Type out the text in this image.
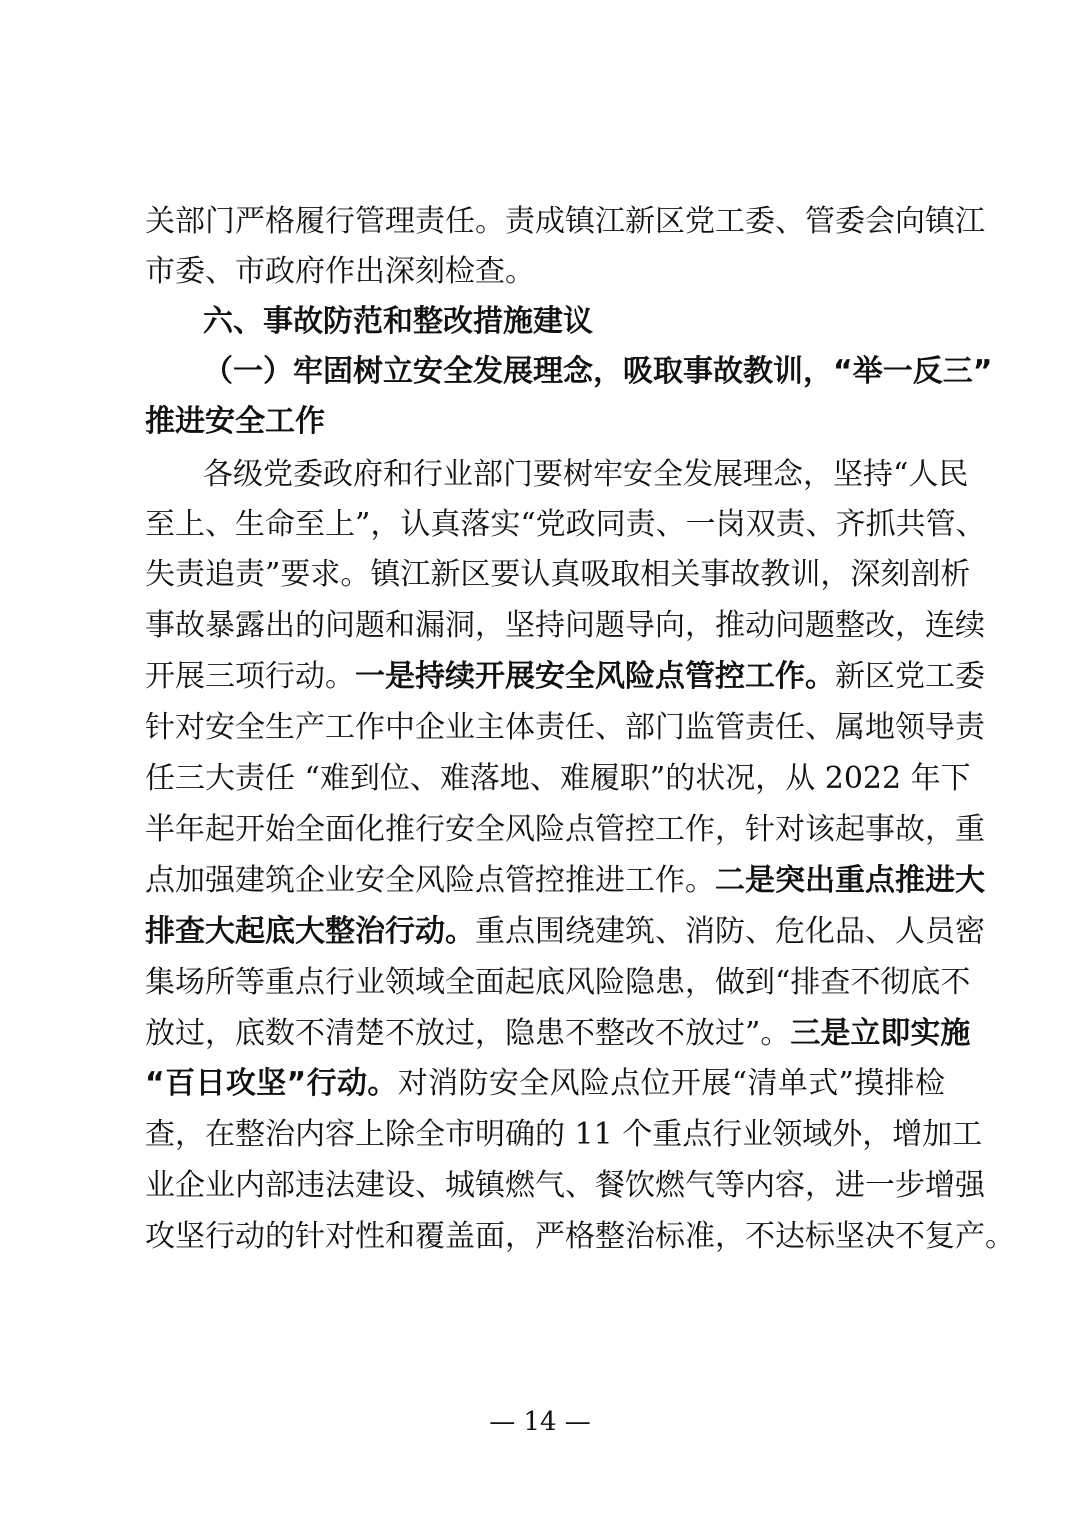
关部门严格履行管理责任。责成镇江新区党工委、管委会向镇江
市委、市政府作出深刻检查。
六、事故防范和整改措施建议
（一）牢固树立安全发展理念，吸取事故教训，“举一反三”
推进安全工作
各级党委政府和行业部门要树牢安全发展理念，坚持“人民
至上、生命至上”，认真落实“党政同责、一岗双责、齐抓共管、
失责追责”要求。镇江新区要认真吸取相关事故教训，深刻剖析
事故暴露出的问题和漏洞，坚持问题导向，推动问题整改，连续
开展三项行动。一是持续开展安全风险点管控工作。新区党工委
针对安全生产工作中企业主体责任、部门监管责任、属地领导责
任三大责任 “难到位、难落地、难履职”的状况，从 2022 年下
半年起开始全面化推行安全风险点管控工作，针对该起事故，重
点加强建筑企业安全风险点管控推进工作。二是突出重点推进大
排查大起底大整治行动。重点围绕建筑、消防、危化品、人员密
集场所等重点行业领域全面起底风险隐患，做到“排查不彻底不
放过，底数不清楚不放过，隐患不整改不放过”。三是立即实施
“百日攻坚”行动。对消防安全风险点位开展“清单式”摸排检
查，在整治内容上除全市明确的 11 个重点行业领域外，增加工
业企业内部违法建设、城镇燃气、餐饮燃气等内容，进一步增强
攻坚行动的针对性和覆盖面，严格整治标准，不达标坚决不复产。
— 14 —
